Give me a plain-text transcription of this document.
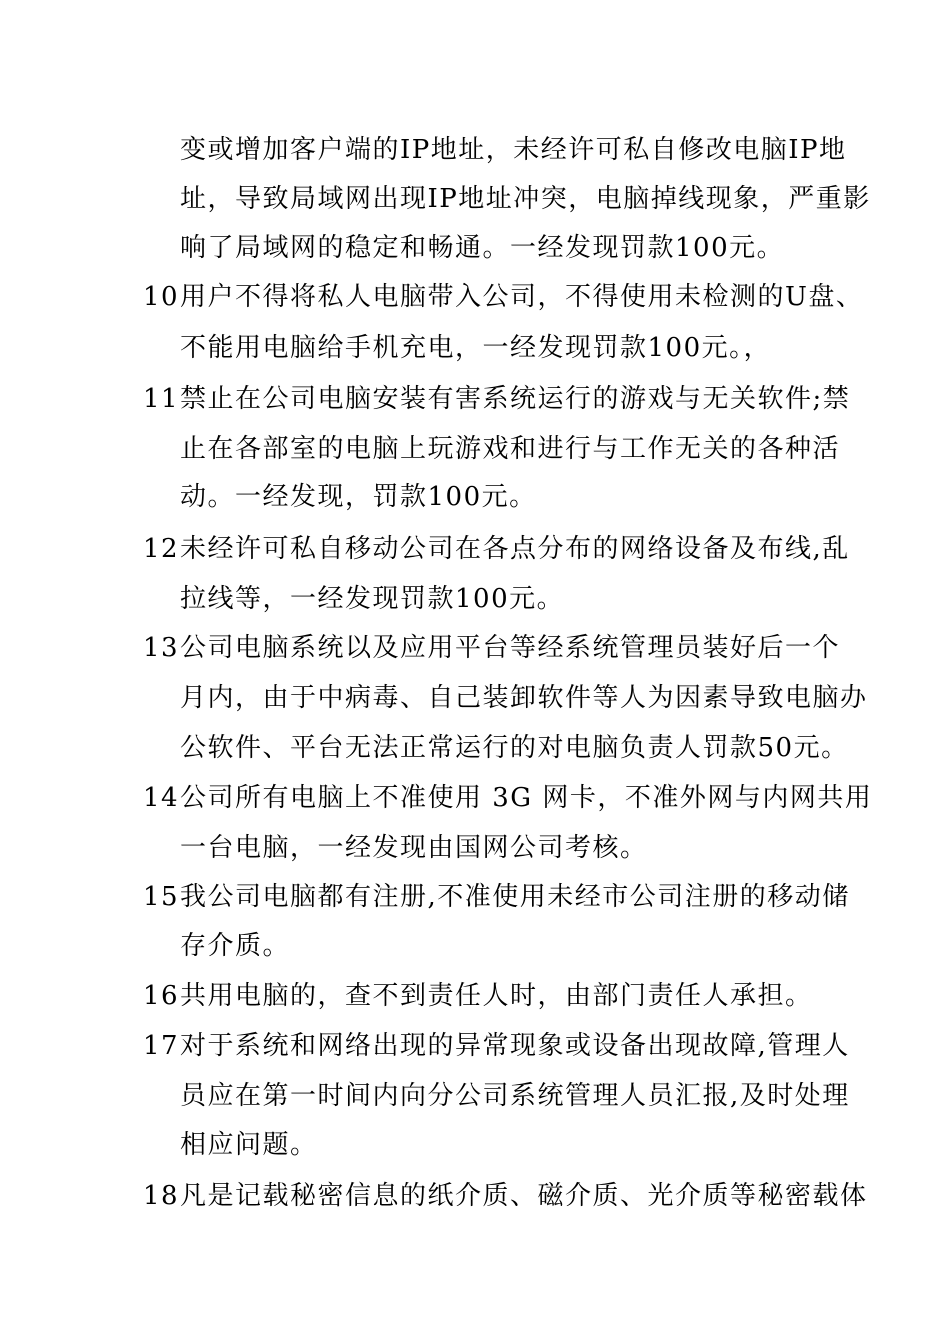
变或增加客户端的IP地址，未经许可私自修改电脑IP地
址，导致局域网出现IP地址冲突，电脑掉线现象，严重影
响了局域网的稳定和畅通。一经发现罚款100元。
10 用户不得将私人电脑带入公司，不得使用未检测的U盘、
不能用电脑给手机充电，一经发现罚款100元。，
11 禁止在公司电脑安装有害系统运行的游戏与无关软件;禁
止在各部室的电脑上玩游戏和进行与工作无关的各种活
动。一经发现，罚款100元。
12 未经许可私自移动公司在各点分布的网络设备及布线,乱
拉线等，一经发现罚款100元。
13 公司电脑系统以及应用平台等经系统管理员装好后一个
月内，由于中病毒、自己装卸软件等人为因素导致电脑办
公软件、平台无法正常运行的对电脑负责人罚款50元。
14 公司所有电脑上不准使用 3G 网卡，不准外网与内网共用
一台电脑，一经发现由国网公司考核。
15 我公司电脑都有注册,不准使用未经市公司注册的移动储
存介质。
16 共用电脑的，查不到责任人时，由部门责任人承担。
17 对于系统和网络出现的异常现象或设备出现故障,管理人
员应在第一时间内向分公司系统管理人员汇报,及时处理
相应问题。
18 凡是记载秘密信息的纸介质、磁介质、光介质等秘密载体
